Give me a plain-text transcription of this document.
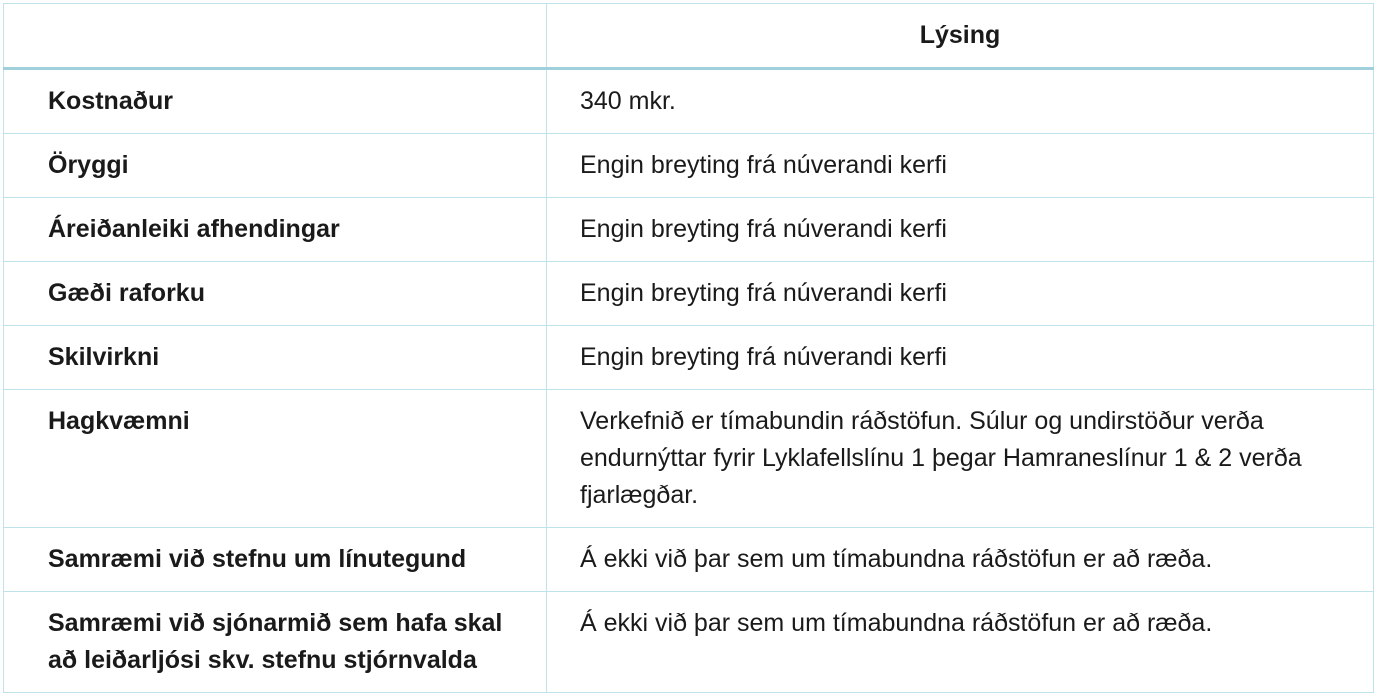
	Lýsing
Kostnaður	340 mkr.
Öryggi	Engin breyting frá núverandi kerfi
Áreiðanleiki afhendingar	Engin breyting frá núverandi kerfi
Gæði raforku	Engin breyting frá núverandi kerfi
Skilvirkni	Engin breyting frá núverandi kerfi
Hagkvæmni	Verkefnið er tímabundin ráðstöfun. Súlur og undirstöður verða endurnýttar fyrir Lyklafellslínu 1 þegar Hamraneslínur 1 & 2 verða fjarlægðar.
Samræmi við stefnu um línutegund	Á ekki við þar sem um tímabundna ráðstöfun er að ræða.
Samræmi við sjónarmið sem hafa skal að leiðarljósi skv. stefnu stjórnvalda	Á ekki við þar sem um tímabundna ráðstöfun er að ræða.
